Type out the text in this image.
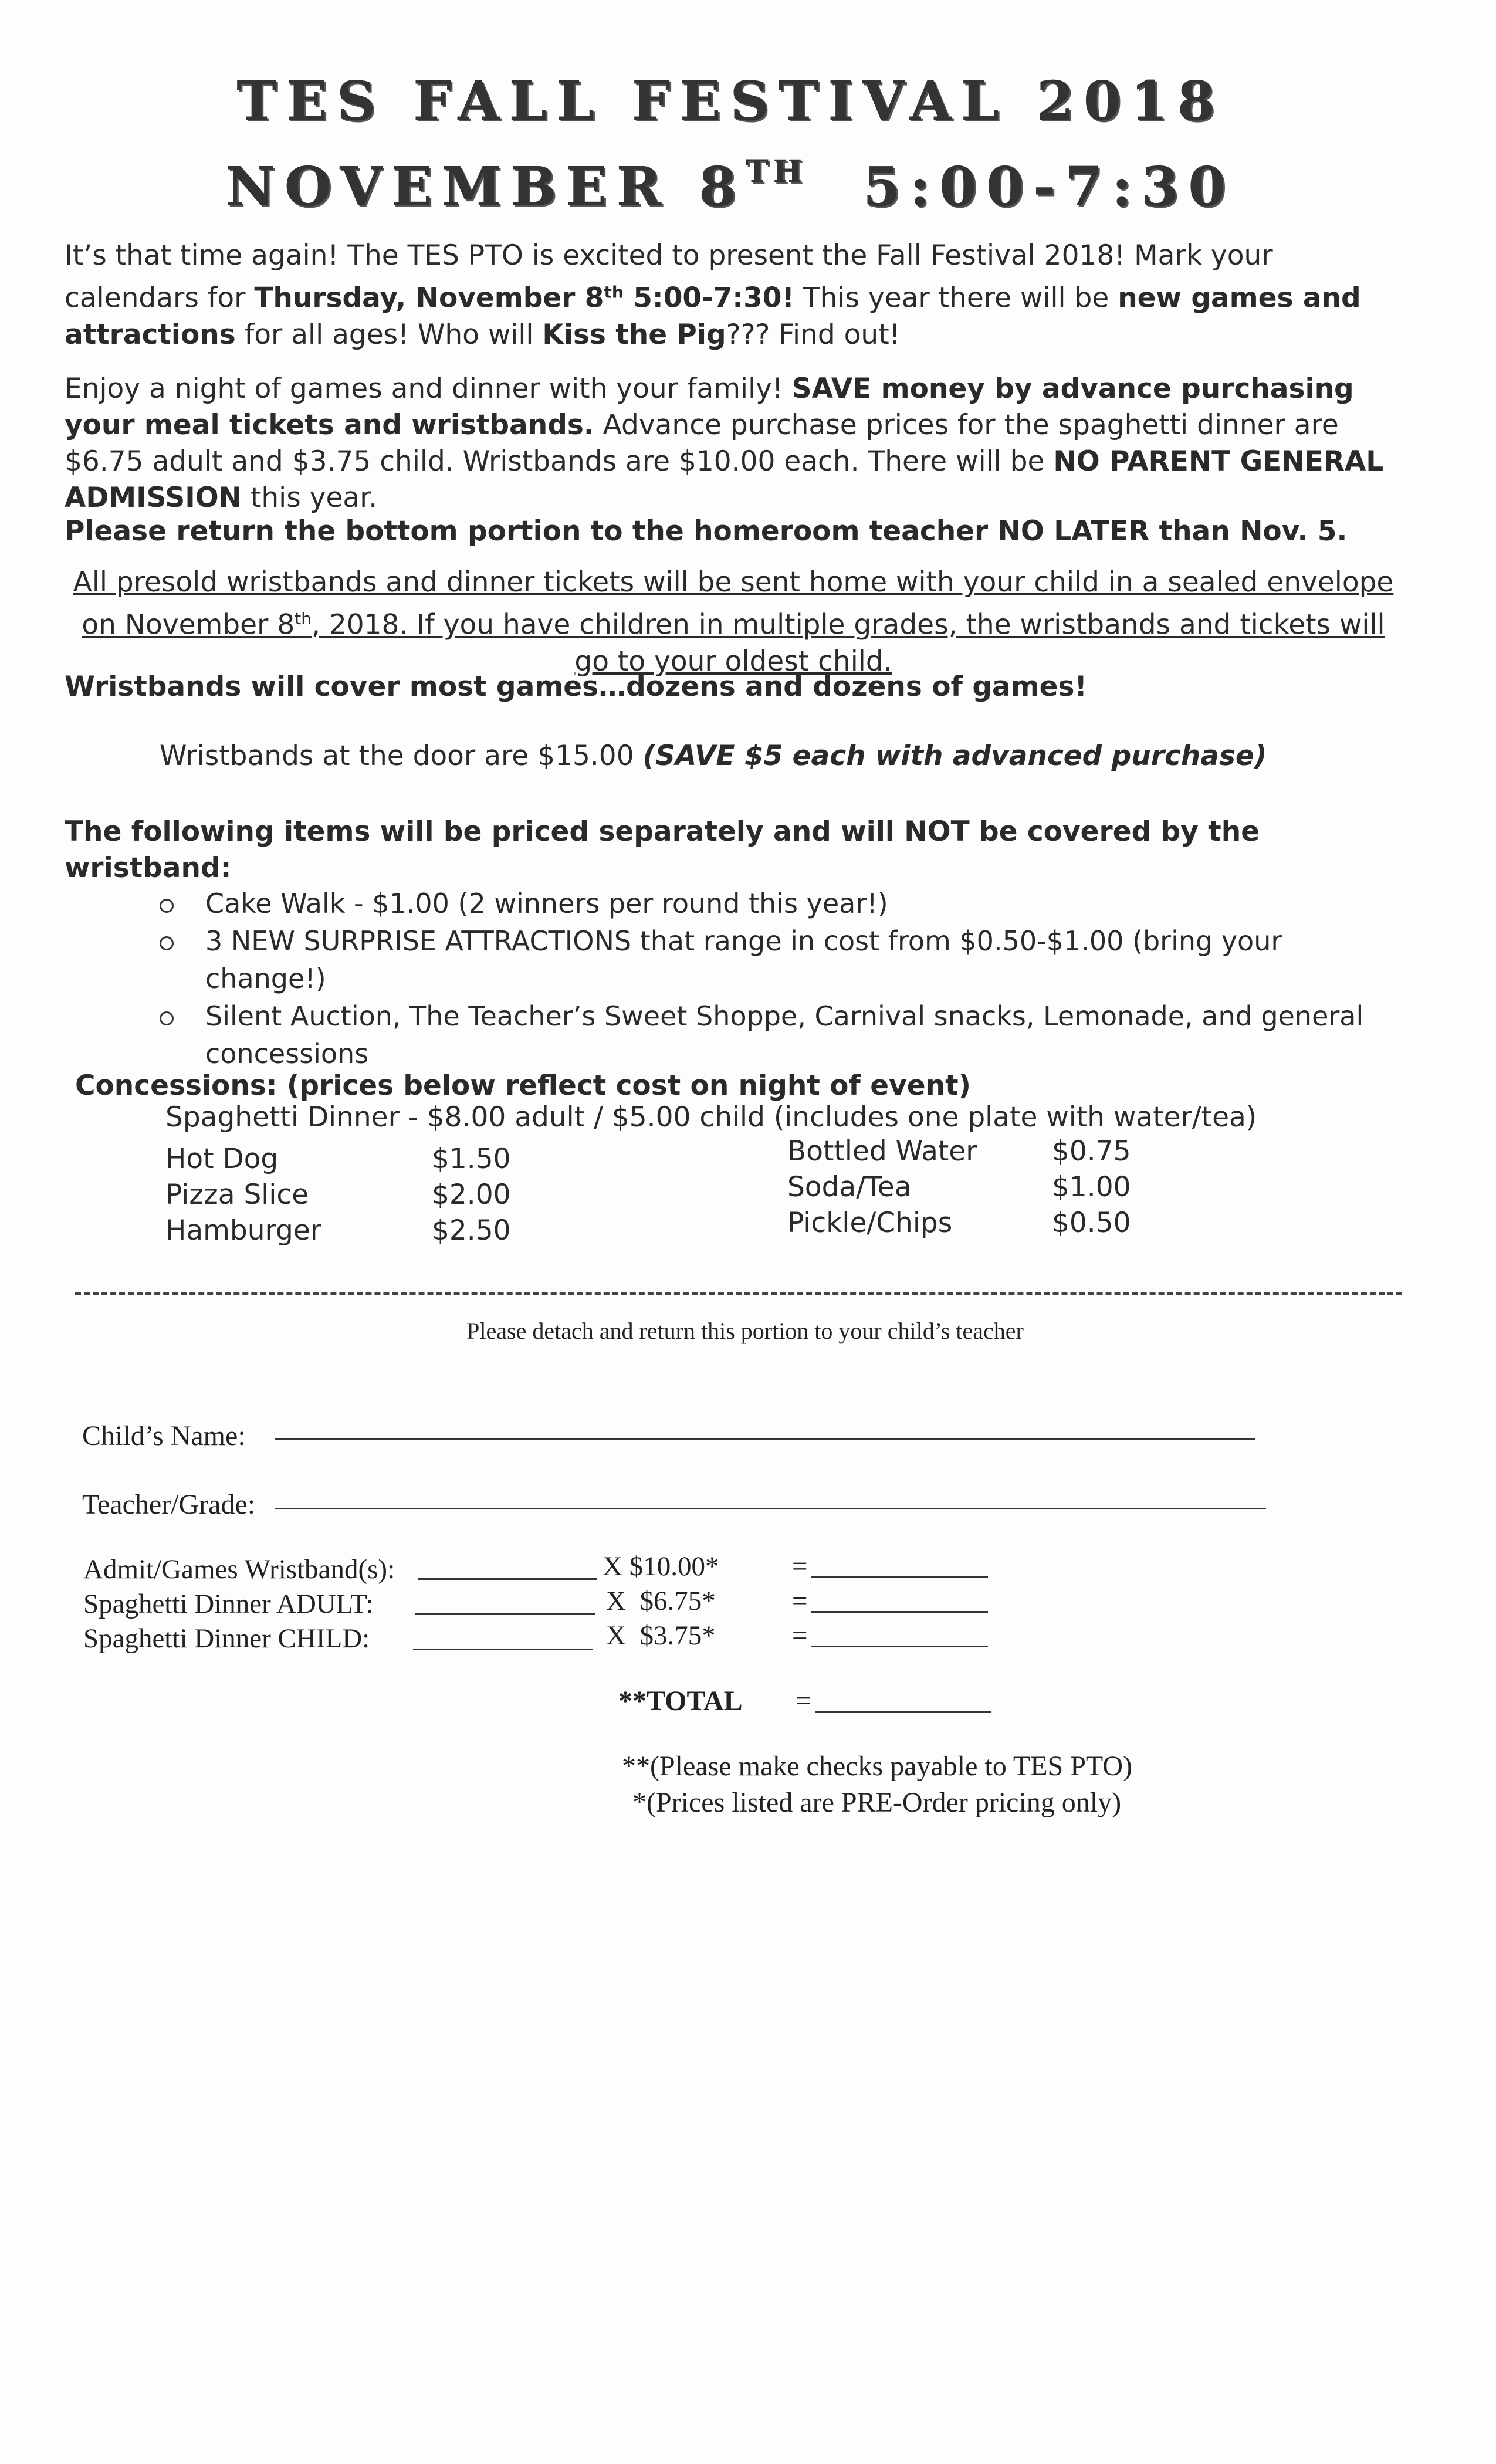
TES FALL FESTIVAL 2018
NOVEMBER 8TH 5:00-7:30
It’s that time again! The TES PTO is excited to present the Fall Festival 2018! Mark your calendars for Thursday, November 8th 5:00-7:30! This year there will be new games and attractions for all ages! Who will Kiss the Pig??? Find out!
Enjoy a night of games and dinner with your family! SAVE money by advance purchasing your meal tickets and wristbands. Advance purchase prices for the spaghetti dinner are $6.75 adult and $3.75 child. Wristbands are $10.00 each. There will be NO PARENT GENERAL ADMISSION this year.
Please return the bottom portion to the homeroom teacher NO LATER than Nov. 5.
All presold wristbands and dinner tickets will be sent home with your child in a sealed envelope on November 8th, 2018. If you have children in multiple grades, the wristbands and tickets will go to your oldest child.
Wristbands will cover most games…dozens and dozens of games!
Wristbands at the door are $15.00 (SAVE $5 each with advanced purchase)
The following items will be priced separately and will NOT be covered by the wristband:
Cake Walk - $1.00 (2 winners per round this year!)
3 NEW SURPRISE ATTRACTIONS that range in cost from $0.50-$1.00 (bring your change!)
Silent Auction, The Teacher’s Sweet Shoppe, Carnival snacks, Lemonade, and general concessions
Concessions: (prices below reflect cost on night of event)
Spaghetti Dinner - $8.00 adult / $5.00 child (includes one plate with water/tea)
Hot Dog	$1.50
Pizza Slice	$2.00
Hamburger	$2.50
Bottled Water	$0.75
Soda/Tea	$1.00
Pickle/Chips	$0.50
Please detach and return this portion to your child’s teacher
Child’s Name:
Teacher/Grade:
Admit/Games Wristband(s):	X $10.00*	=
Spaghetti Dinner ADULT:	X  $6.75*	=
Spaghetti Dinner CHILD:	X  $3.75*	=
**TOTAL =
**(Please make checks payable to TES PTO)
*(Prices listed are PRE-Order pricing only)
